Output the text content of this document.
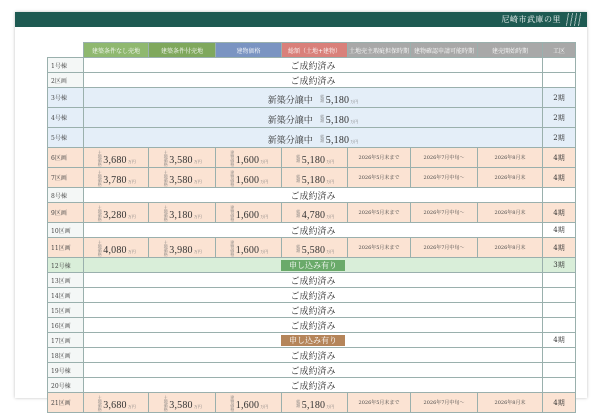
尼崎市武庫の里
	建築条件なし売地	建築条件付売地	建物価格	総額（土地+建物）	土地売主瑕疵担保時期	建物確認申請可能時期	建売開始時期	工区
1号棟	ご成約済み							
2区画	ご成約済み							
3号棟	新築分譲中 総額 5,180万円							2期
4号棟	新築分譲中 総額 5,180万円							2期
5号棟	新築分譲中 総額 5,180万円							2期
6区画	土地価格 3,680万円	土地価格 3,580万円	建物価格 1,600万円	総額 5,180万円	2026年5月末まで	2026年7月中旬～	2026年8月末	4期
7区画	土地価格 3,780万円	土地価格 3,580万円	建物価格 1,600万円	総額 5,180万円	2026年5月末まで	2026年7月中旬～	2026年8月末	4期
8号棟	ご成約済み							
9区画	土地価格 3,280万円	土地価格 3,180万円	建物価格 1,600万円	総額 4,780万円	2026年5月末まで	2026年7月中旬～	2026年8月末	4期
10区画	ご成約済み							4期
11区画	土地価格 4,080万円	土地価格 3,980万円	建物価格 1,600万円	総額 5,580万円	2026年5月末まで	2026年7月中旬～	2026年8月末	4期
12号棟	申し込み有り							3期
13区画	ご成約済み							
14区画	ご成約済み							
15区画	ご成約済み							
16区画	ご成約済み							
17区画	申し込み有り							4期
18区画	ご成約済み							
19号棟	ご成約済み							
20号棟	ご成約済み							
21区画	土地価格 3,680万円	土地価格 3,580万円	建物価格 1,600万円	総額 5,180万円	2026年5月末まで	2026年7月中旬～	2026年8月末	4期
